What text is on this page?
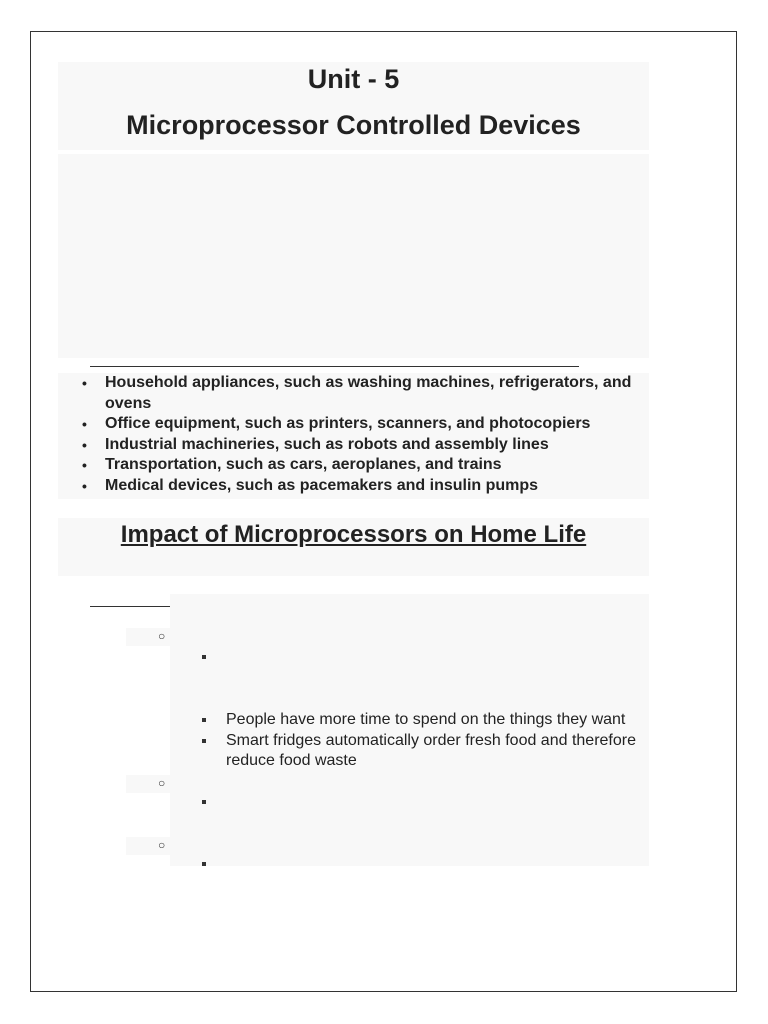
Unit - 5
Microprocessor Controlled Devices
• Household appliances, such as washing machines, refrigerators, and ovens
• Office equipment, such as printers, scanners, and photocopiers
• Industrial machineries, such as robots and assembly lines
• Transportation, such as cars, aeroplanes, and trains
• Medical devices, such as pacemakers and insulin pumps
Impact of Microprocessors on Home Life
○
People have more time to spend on the things they want
Smart fridges automatically order fresh food and therefore reduce food waste
○
○
